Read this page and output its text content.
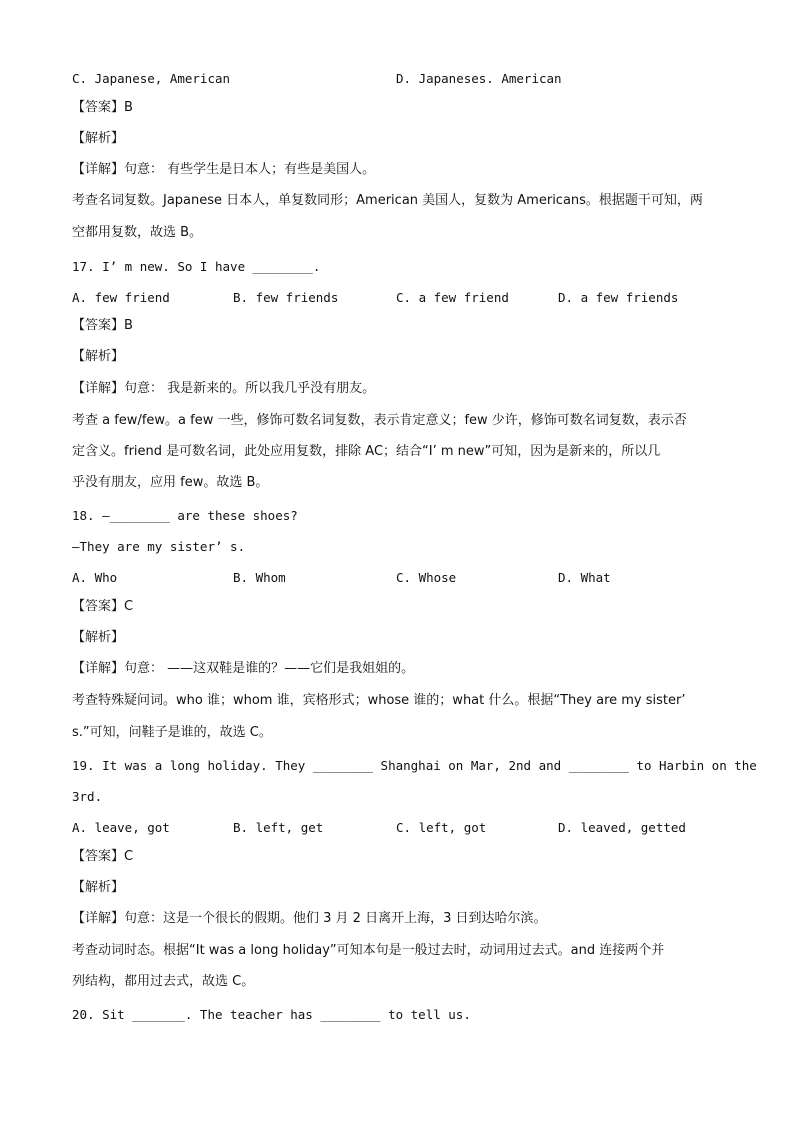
C. Japanese, American	D. Japaneses. American
【答案】B
【解析】
【详解】句意： 有些学生是日本人；有些是美国人。
考查名词复数。Japanese 日本人，单复数同形；American 美国人，复数为 Americans。根据题干可知，两
空都用复数，故选 B。
17. I’ m new. So I have ________.
A. few friend	B. few friends	C. a few friend	D. a few friends
【答案】B
【解析】
【详解】句意： 我是新来的。所以我几乎没有朋友。
考查 a few/few。a few 一些，修饰可数名词复数，表示肯定意义；few 少许，修饰可数名词复数，表示否
定含义。friend 是可数名词，此处应用复数，排除 AC；结合“I’ m new”可知，因为是新来的，所以几
乎没有朋友，应用 few。故选 B。
18. —________ are these shoes?
—They are my sister’ s.
A. Who	B. Whom	C. Whose	D. What
【答案】C
【解析】
【详解】句意： ——这双鞋是谁的？——它们是我姐姐的。
考查特殊疑问词。who 谁；whom 谁，宾格形式；whose 谁的；what 什么。根据“They are my sister’
s.”可知，问鞋子是谁的，故选 C。
19. It was a long holiday. They ________ Shanghai on Mar, 2nd and ________ to Harbin on the
3rd.
A. leave, got	B. left, get	C. left, got	D. leaved, getted
【答案】C
【解析】
【详解】句意：这是一个很长的假期。他们 3 月 2 日离开上海，3 日到达哈尔滨。
考查动词时态。根据“It was a long holiday”可知本句是一般过去时，动词用过去式。and 连接两个并
列结构，都用过去式，故选 C。
20. Sit _______. The teacher has ________ to tell us.
